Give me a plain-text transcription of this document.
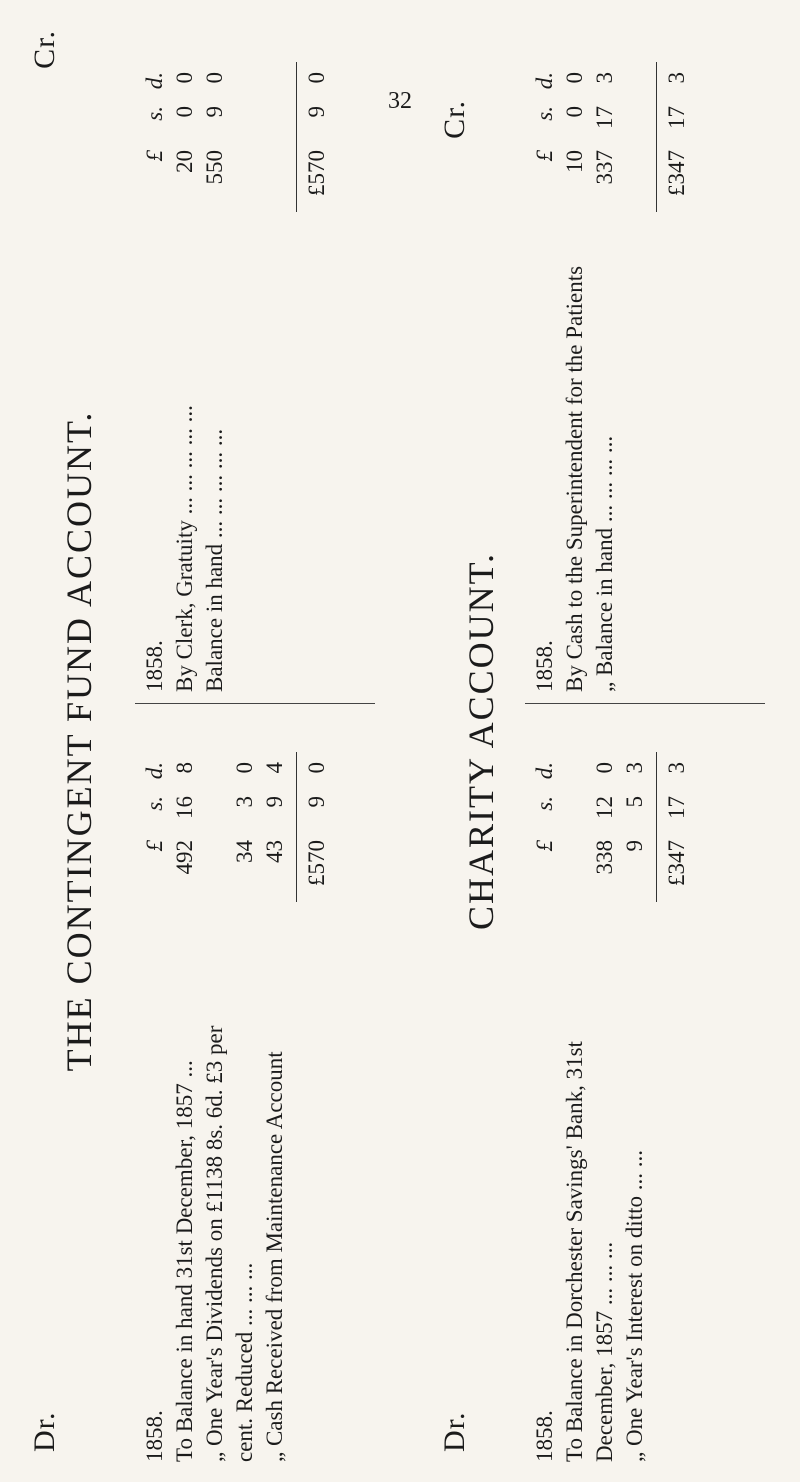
32
Dr.
THE CONTINGENT FUND ACCOUNT.
Cr.
1858.
£
s.
d.
To Balance in hand 31st December, 1857 ...
492
16
8
„ One Year's Dividends on £1138 8s. 6d. £3 per cent. Reduced ... ... ...
34
3
0
„ Cash Received from Maintenance Account
43
9
4
£570
9
0
1858.
£
s.
d.
By Clerk, Gratuity ... ... ... ... ...
20
0
0
Balance in hand ... ... ... ... ...
550
9
0
£570
9
0
Dr.
CHARITY ACCOUNT.
Cr.
1858.
£
s.
d.
To Balance in Dorchester Savings' Bank, 31st December, 1857 ... ... ...
338
12
0
„ One Year's Interest on ditto ... ...
9
5
3
£347
17
3
1858.
£
s.
d.
By Cash to the Superintendent for the Patients
10
0
0
„ Balance in hand ... ... ... ...
337
17
3
£347
17
3
